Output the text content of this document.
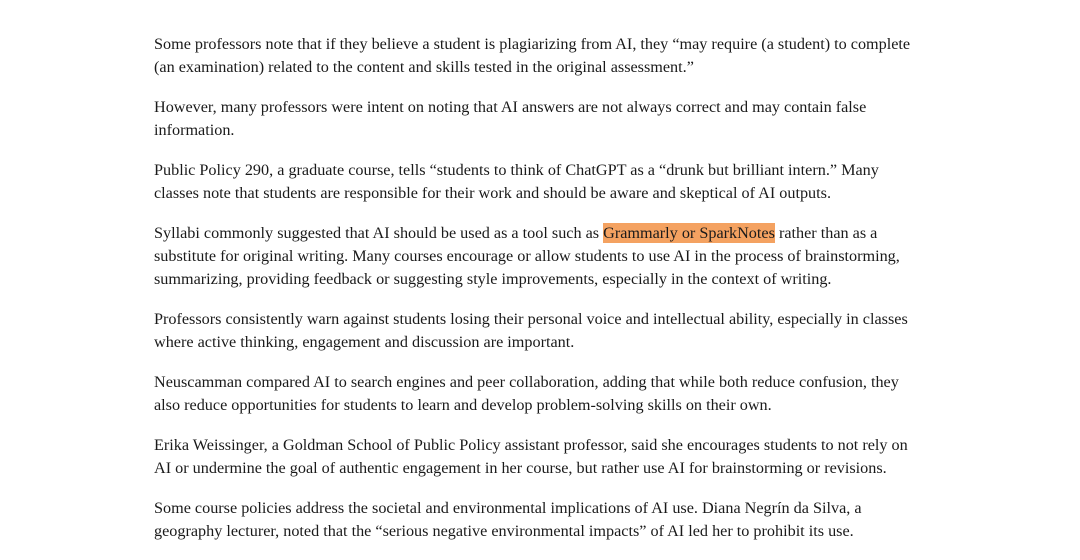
Some professors note that if they believe a student is plagiarizing from AI, they “may require (a student) to complete (an examination) related to the content and skills tested in the original assessment.”

However, many professors were intent on noting that AI answers are not always correct and may contain false information.

Public Policy 290, a graduate course, tells “students to think of ChatGPT as a “drunk but brilliant intern.” Many classes note that students are responsible for their work and should be aware and skeptical of AI outputs.

Syllabi commonly suggested that AI should be used as a tool such as Grammarly or SparkNotes rather than as a substitute for original writing. Many courses encourage or allow students to use AI in the process of brainstorming, summarizing, providing feedback or suggesting style improvements, especially in the context of writing.

Professors consistently warn against students losing their personal voice and intellectual ability, especially in classes where active thinking, engagement and discussion are important.

Neuscamman compared AI to search engines and peer collaboration, adding that while both reduce confusion, they also reduce opportunities for students to learn and develop problem-solving skills on their own.

Erika Weissinger, a Goldman School of Public Policy assistant professor, said she encourages students to not rely on AI or undermine the goal of authentic engagement in her course, but rather use AI for brainstorming or revisions.

Some course policies address the societal and environmental implications of AI use. Diana Negrín da Silva, a geography lecturer, noted that the “serious negative environmental impacts” of AI led her to prohibit its use.
